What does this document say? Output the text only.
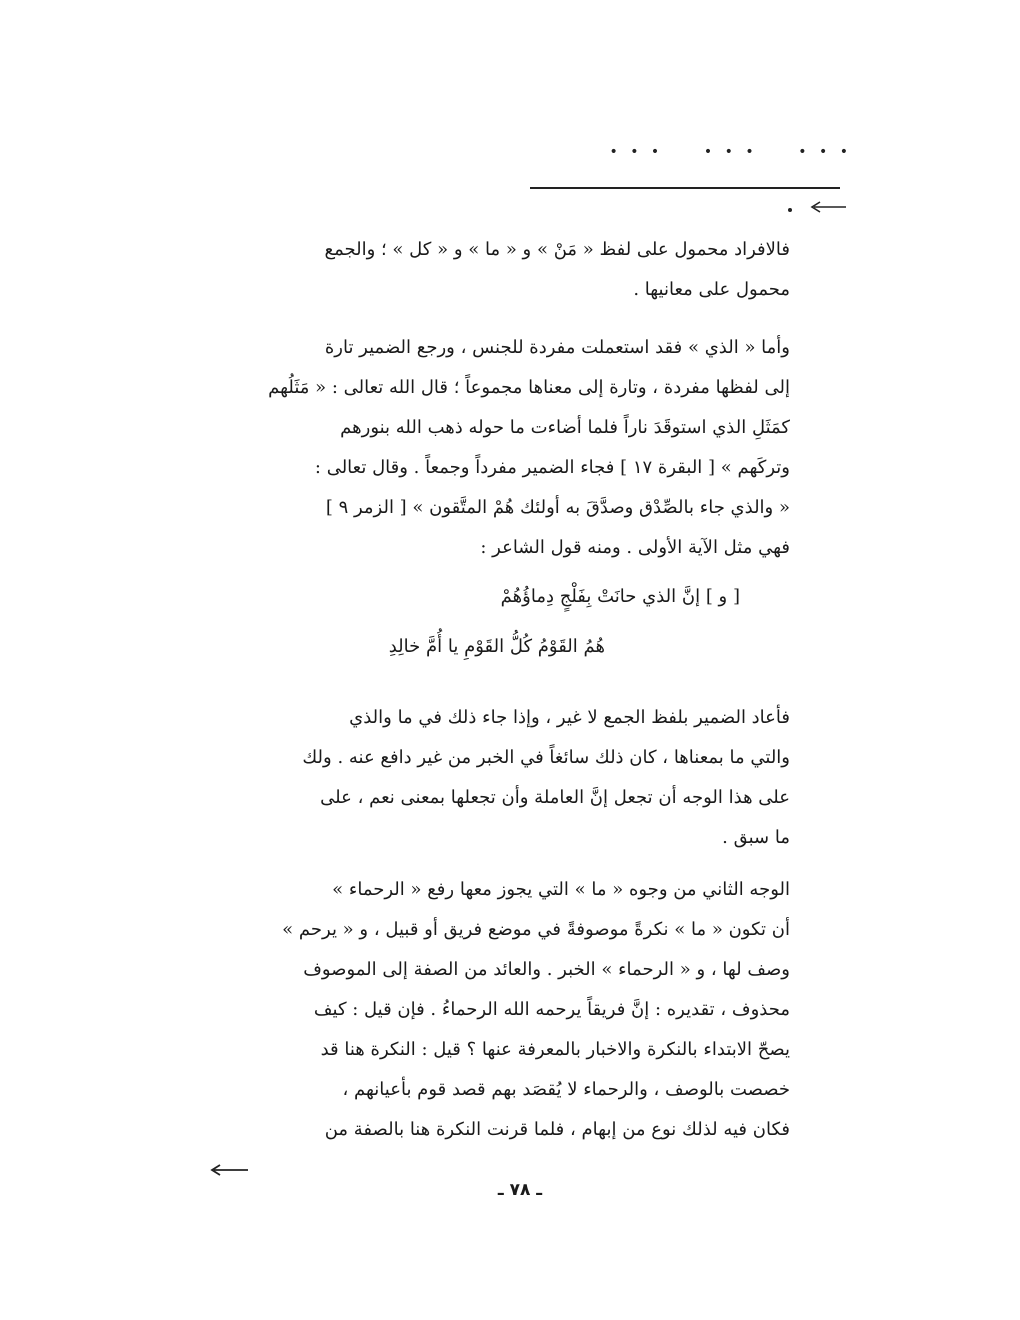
• • •      • • •      • • •
فالافراد محمول على لفظ « مَنْ » و « ما » و « كل » ؛ والجمع
محمول على معانيها .
وأما « الذي » فقد استعملت مفردة للجنس ، ورجع الضمير تارة
إلى لفظها مفردة ، وتارة إلى معناها مجموعاً ؛ قال الله تعالى : « مَثَلُهم
كمَثَلِ الذي استوقَدَ ناراً فلما أضاءت ما حوله ذهب الله بنورهم
وتركَهم » [ البقرة ١٧ ] فجاء الضمير مفرداً وجمعاً . وقال تعالى :
« والذي جاء بالصِّدْق وصدَّقَ به أولئك هُمْ المتَّقون » [ الزمر ٩ ]
فهي مثل الآية الأولى . ومنه قول الشاعر :
[ و ] إنَّ الذي حانَتْ بِفَلْجٍ دِماؤُهُمْ
هُمُ القَوْمُ كُلُّ القَوْمِ يا أُمَّ خالِدِ
فأعاد الضمير بلفظ الجمع لا غير ، وإذا جاء ذلك في ما والذي
والتي ما بمعناها ، كان ذلك سائغاً في الخبر من غير دافع عنه . ولك
على هذا الوجه أن تجعل إنَّ العاملة وأن تجعلها بمعنى نعم ، على
ما سبق .
الوجه الثاني من وجوه « ما » التي يجوز معها رفع « الرحماء »
أن تكون « ما » نكرةً موصوفةً في موضع فريق أو قبيل ، و « يرحم »
وصف لها ، و « الرحماء » الخبر . والعائد من الصفة إلى الموصوف
محذوف ، تقديره : إنَّ فريقاً يرحمه الله الرحماءُ . فإن قيل : كيف
يصحّ الابتداء بالنكرة والاخبار بالمعرفة عنها ؟ قيل : النكرة هنا قد
خصصت بالوصف ، والرحماء لا يُقصَد بهم قصد قوم بأعيانهم ،
فكان فيه لذلك نوع من إبهام ، فلما قرنت النكرة هنا بالصفة من
ـ ٧٨ ـ
